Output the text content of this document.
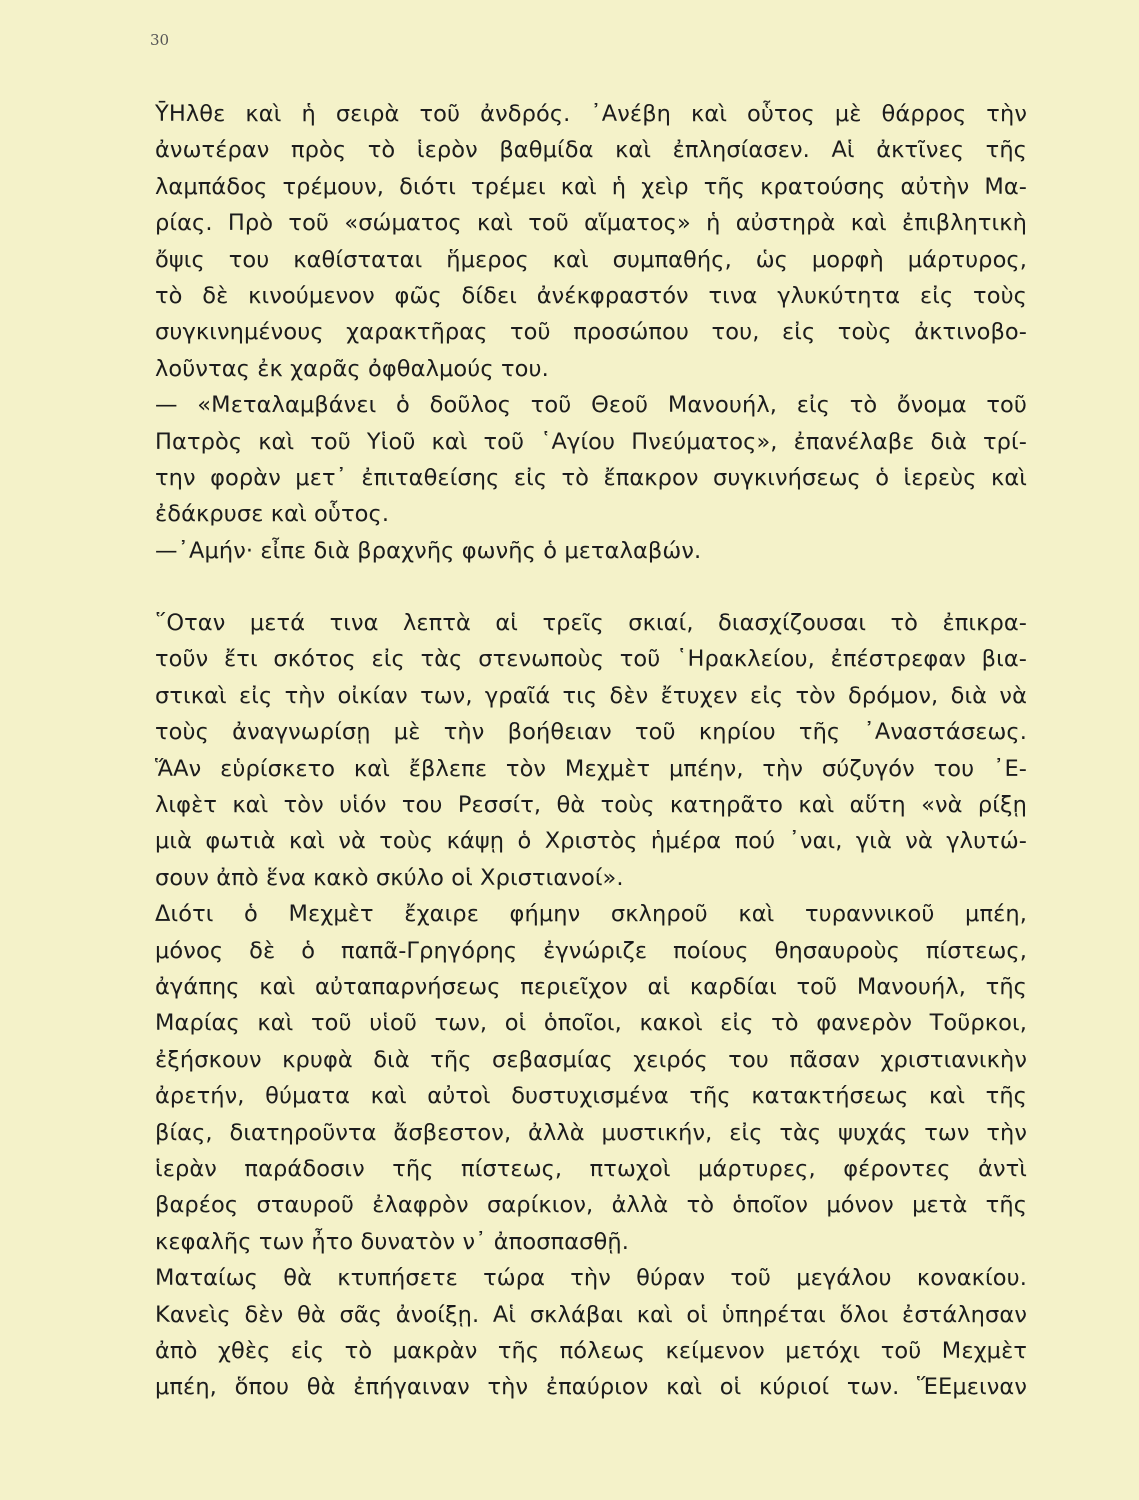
30
ῩΗλθε καὶ ἡ σειρὰ τοῦ ἀνδρός. ᾽Ανέβη καὶ οὗτος μὲ θάρρος τὴν
ἀνωτέραν πρὸς τὸ ἱερὸν βαθμίδα καὶ ἐπλησίασεν. Αἱ ἀκτῖνες τῆς
λαμπάδος τρέμουν, διότι τρέμει καὶ ἡ χεὶρ τῆς κρατούσης αὐτὴν Μα-
ρίας. Πρὸ τοῦ «σώματος καὶ τοῦ αἵματος» ἡ αὐστηρὰ καὶ ἐπιβλητικὴ
ὄψις του καθίσταται ἥμερος καὶ συμπαθής, ὡς μορφὴ μάρτυρος,
τὸ δὲ κινούμενον φῶς δίδει ἀνέκφραστόν τινα γλυκύτητα εἰς τοὺς
συγκινημένους χαρακτῆρας τοῦ προσώπου του, εἰς τοὺς ἀκτινοβο-
λοῦντας ἐκ χαρᾶς ὀφθαλμούς του.
— «Μεταλαμβάνει ὁ δοῦλος τοῦ Θεοῦ Μανουήλ, εἰς τὸ ὄνομα τοῦ
Πατρὸς καὶ τοῦ Υἱοῦ καὶ τοῦ ῾Αγίου Πνεύματος», ἐπανέλαβε διὰ τρί-
την φορὰν μετ᾿ ἐπιταθείσης εἰς τὸ ἔπακρον συγκινήσεως ὁ ἱερεὺς καὶ
ἐδάκρυσε καὶ οὗτος.
—᾿Αμήν· εἶπε διὰ βραχνῆς φωνῆς ὁ μεταλαβών.
῞Οταν μετά τινα λεπτὰ αἱ τρεῖς σκιαί, διασχίζουσαι τὸ ἐπικρα-
τοῦν ἔτι σκότος εἰς τὰς στενωποὺς τοῦ ῾Ηρακλείου, ἐπέστρεφαν βια-
στικαὶ εἰς τὴν οἰκίαν των, γραῖά τις δὲν ἔτυχεν εἰς τὸν δρόμον, διὰ νὰ
τοὺς ἀναγνωρίσῃ μὲ τὴν βοήθειαν τοῦ κηρίου τῆς ᾿Αναστάσεως.
ἍΑν εὑρίσκετο καὶ ἔβλεπε τὸν Μεχμὲτ μπέην, τὴν σύζυγόν του ᾿Ε-
λιφὲτ καὶ τὸν υἱόν του Ρεσσίτ, θὰ τοὺς κατηρᾶτο καὶ αὕτη «νὰ ρίξῃ
μιὰ φωτιὰ καὶ νὰ τοὺς κάψῃ ὁ Χριστὸς ἡμέρα πού ᾿ναι, γιὰ νὰ γλυτώ-
σουν ἀπὸ ἕνα κακὸ σκύλο οἱ Χριστιανοί».
Διότι ὁ Μεχμὲτ ἔχαιρε φήμην σκληροῦ καὶ τυραννικοῦ μπέη,
μόνος δὲ ὁ παπᾶ-Γρηγόρης ἐγνώριζε ποίους θησαυροὺς πίστεως,
ἀγάπης καὶ αὐταπαρνήσεως περιεῖχον αἱ καρδίαι τοῦ Μανουήλ, τῆς
Μαρίας καὶ τοῦ υἱοῦ των, οἱ ὁποῖοι, κακοὶ εἰς τὸ φανερὸν Τοῦρκοι,
ἐξήσκουν κρυφὰ διὰ τῆς σεβασμίας χειρός του πᾶσαν χριστιανικὴν
ἀρετήν, θύματα καὶ αὐτοὶ δυστυχισμένα τῆς κατακτήσεως καὶ τῆς
βίας, διατηροῦντα ἄσβεστον, ἀλλὰ μυστικήν, εἰς τὰς ψυχάς των τὴν
ἱερὰν παράδοσιν τῆς πίστεως, πτωχοὶ μάρτυρες, φέροντες ἀντὶ
βαρέος σταυροῦ ἐλαφρὸν σαρίκιον, ἀλλὰ τὸ ὁποῖον μόνον μετὰ τῆς
κεφαλῆς των ἦτο δυνατὸν ν᾿ ἀποσπασθῇ.
Ματαίως θὰ κτυπήσετε τώρα τὴν θύραν τοῦ μεγάλου κονακίου.
Κανεὶς δὲν θὰ σᾶς ἀνοίξῃ. Αἱ σκλάβαι καὶ οἱ ὑπηρέται ὅλοι ἐστάλησαν
ἀπὸ χθὲς εἰς τὸ μακρὰν τῆς πόλεως κείμενον μετόχι τοῦ Μεχμὲτ
μπέη, ὅπου θὰ ἐπήγαιναν τὴν ἐπαύριον καὶ οἱ κύριοί των. ἝΕμειναν
